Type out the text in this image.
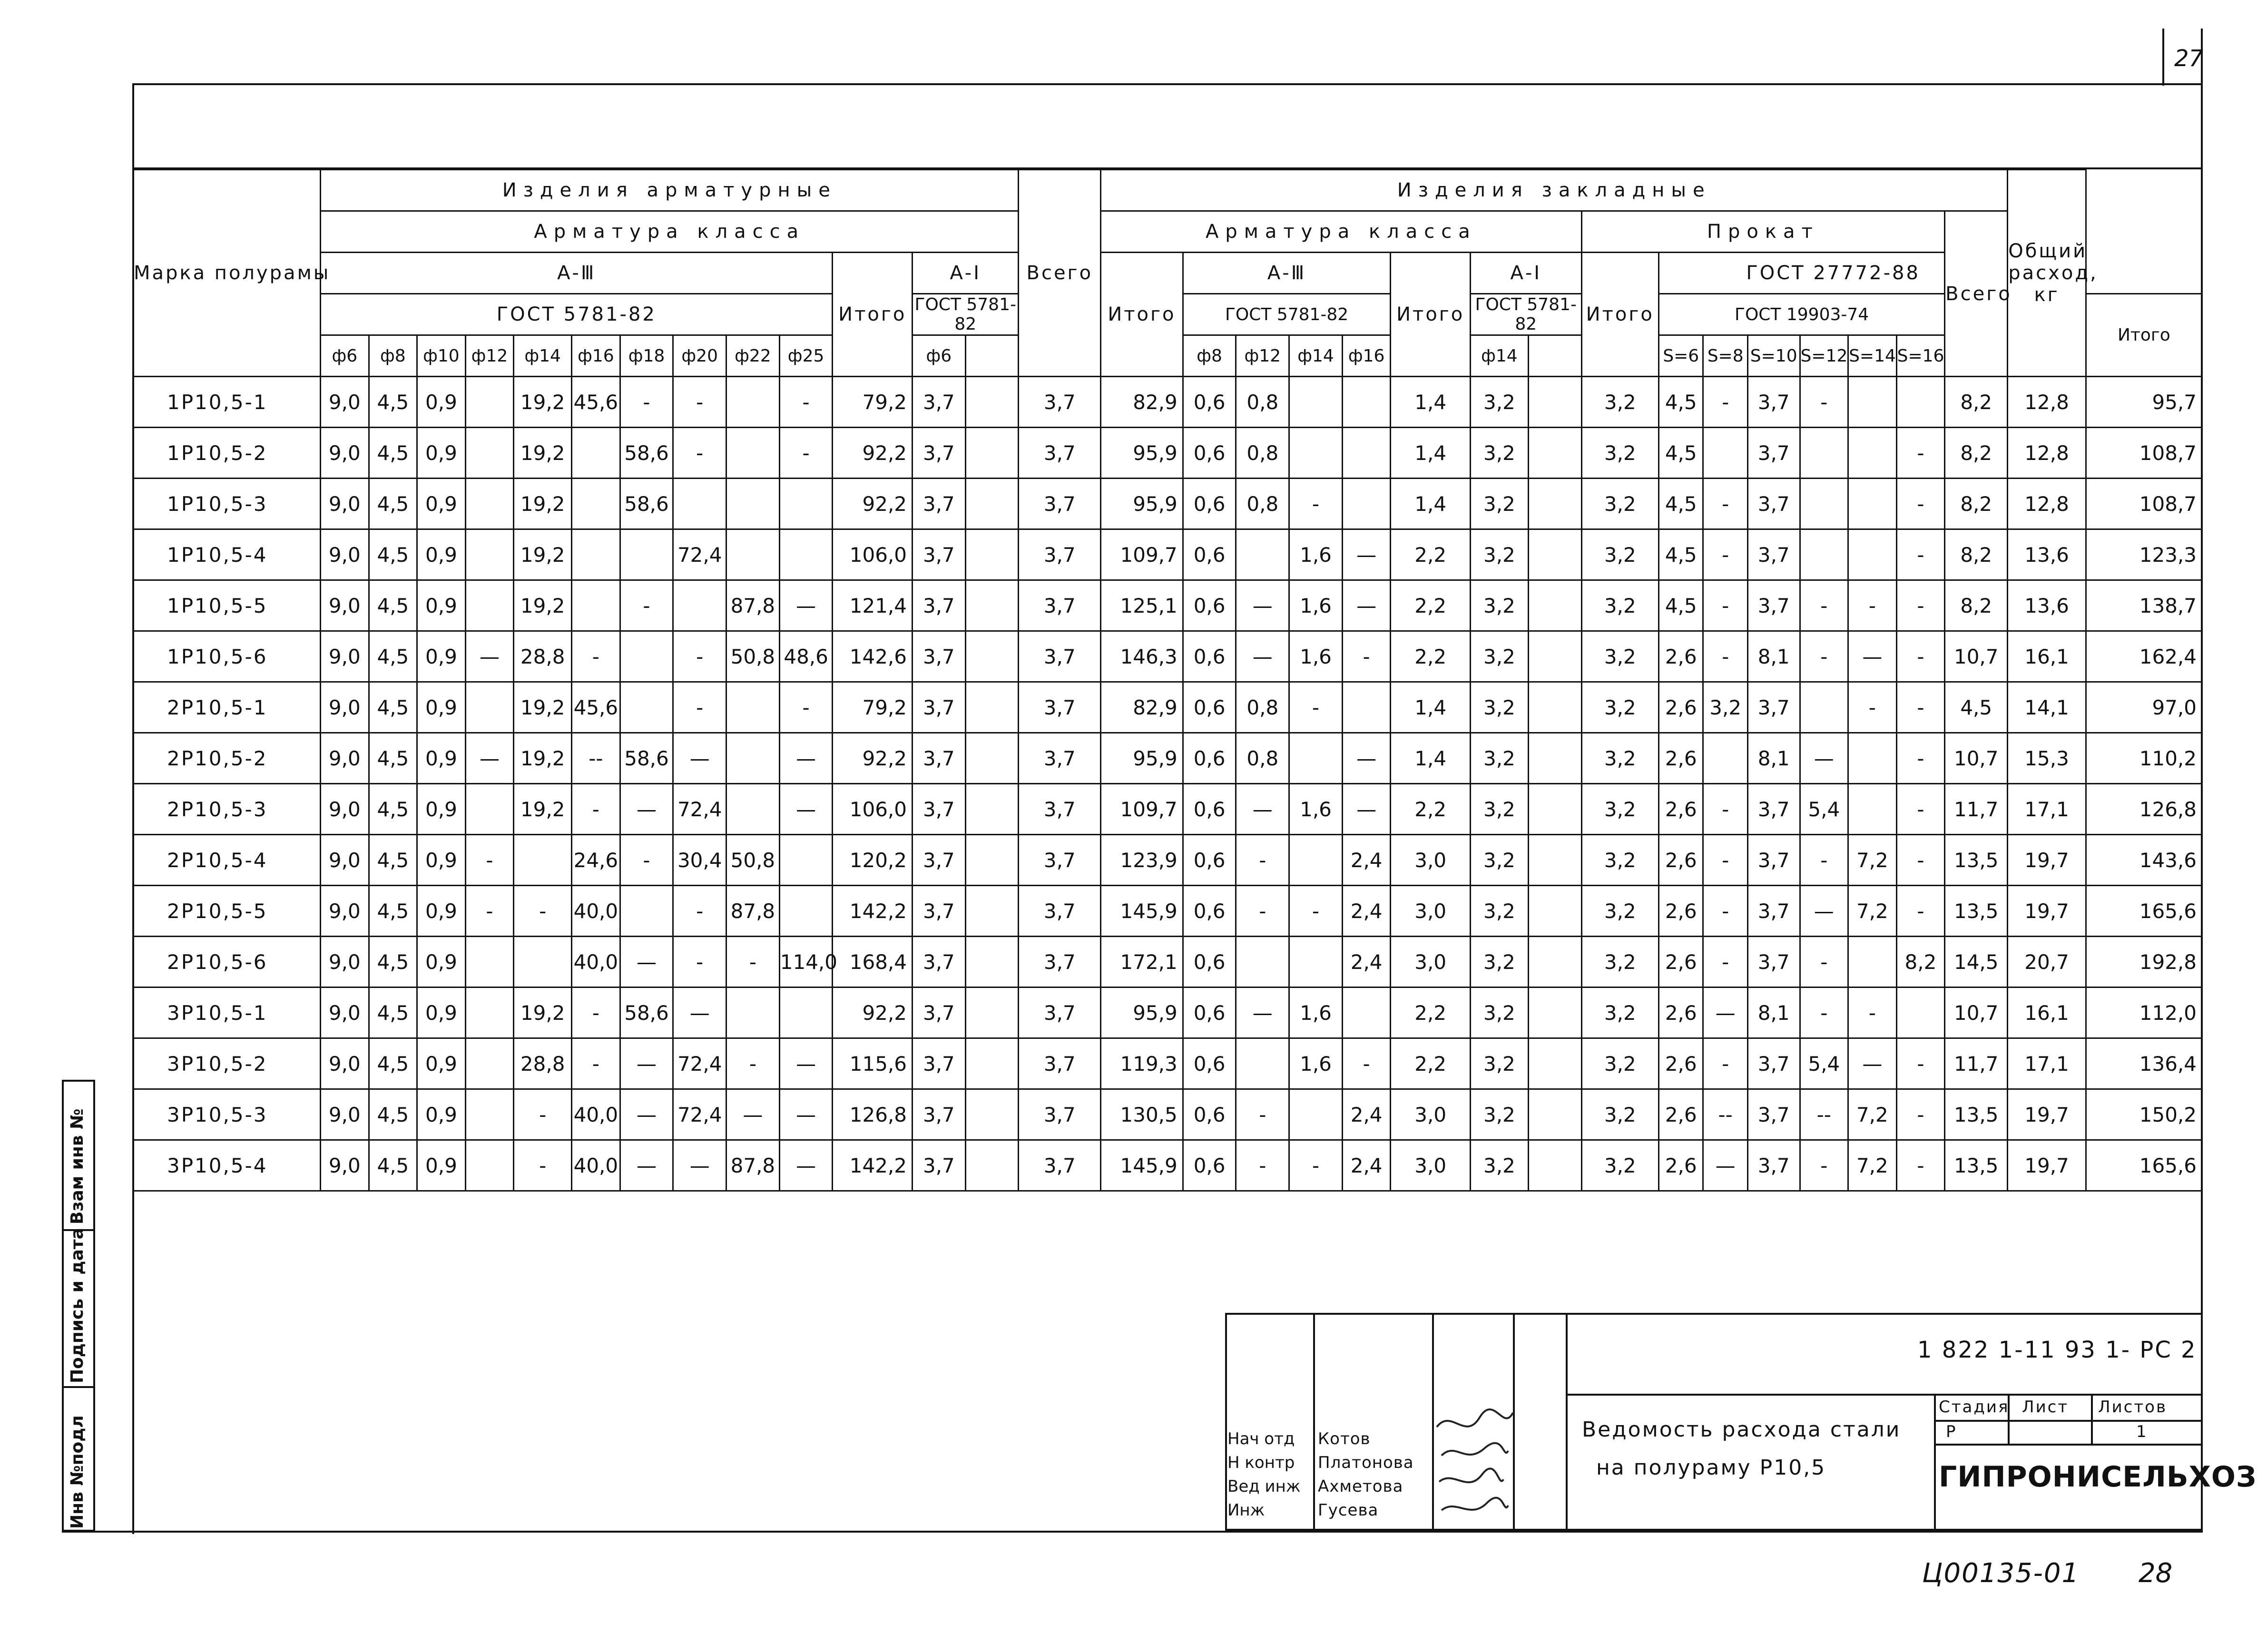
27
Марка полурамы	Изделия арматурные													Всего	Изделия закладные																Общий расход, кг	
	Арматура класса														Арматура класса								Прокат							Всего		
	А-Ⅲ										Итого	А-Ⅰ			Итого	А-Ⅲ				Итого	А-Ⅰ		Итого	ГОСТ 27772-88								
	ГОСТ 5781-82											ГОСТ 5781-82				ГОСТ 5781-82					ГОСТ 5781-82			ГОСТ 19903-74								Итого
	ф6	ф8	ф10	ф12	ф14	ф16	ф18	ф20	ф22	ф25		ф6				ф8	ф12	ф14	ф16		ф14			S=6	S=8	S=10	S=12	S=14	S=16			
1Р10,5-1	9,0	4,5	0,9		19,2	45,6	-	-		-	79,2	3,7		3,7	82,9	0,6	0,8			1,4	3,2		3,2	4,5	-	3,7	-			8,2	12,8	95,7
1Р10,5-2	9,0	4,5	0,9		19,2		58,6	-		-	92,2	3,7		3,7	95,9	0,6	0,8			1,4	3,2		3,2	4,5		3,7			-	8,2	12,8	108,7
1Р10,5-3	9,0	4,5	0,9		19,2		58,6				92,2	3,7		3,7	95,9	0,6	0,8	-		1,4	3,2		3,2	4,5	-	3,7			-	8,2	12,8	108,7
1Р10,5-4	9,0	4,5	0,9		19,2			72,4			106,0	3,7		3,7	109,7	0,6		1,6	—	2,2	3,2		3,2	4,5	-	3,7			-	8,2	13,6	123,3
1Р10,5-5	9,0	4,5	0,9		19,2		-		87,8	—	121,4	3,7		3,7	125,1	0,6	—	1,6	—	2,2	3,2		3,2	4,5	-	3,7	-	-	-	8,2	13,6	138,7
1Р10,5-6	9,0	4,5	0,9	—	28,8	-		-	50,8	48,6	142,6	3,7		3,7	146,3	0,6	—	1,6	-	2,2	3,2		3,2	2,6	-	8,1	-	—	-	10,7	16,1	162,4
2Р10,5-1	9,0	4,5	0,9		19,2	45,6		-		-	79,2	3,7		3,7	82,9	0,6	0,8	-		1,4	3,2		3,2	2,6	3,2	3,7		-	-	4,5	14,1	97,0
2Р10,5-2	9,0	4,5	0,9	—	19,2	--	58,6	—		—	92,2	3,7		3,7	95,9	0,6	0,8		—	1,4	3,2		3,2	2,6		8,1	—		-	10,7	15,3	110,2
2Р10,5-3	9,0	4,5	0,9		19,2	-	—	72,4		—	106,0	3,7		3,7	109,7	0,6	—	1,6	—	2,2	3,2		3,2	2,6	-	3,7	5,4		-	11,7	17,1	126,8
2Р10,5-4	9,0	4,5	0,9	-		24,6	-	30,4	50,8		120,2	3,7		3,7	123,9	0,6	-		2,4	3,0	3,2		3,2	2,6	-	3,7	-	7,2	-	13,5	19,7	143,6
2Р10,5-5	9,0	4,5	0,9	-	-	40,0		-	87,8		142,2	3,7		3,7	145,9	0,6	-	-	2,4	3,0	3,2		3,2	2,6	-	3,7	—	7,2	-	13,5	19,7	165,6
2Р10,5-6	9,0	4,5	0,9			40,0	—	-	-	114,0	168,4	3,7		3,7	172,1	0,6			2,4	3,0	3,2		3,2	2,6	-	3,7	-		8,2	14,5	20,7	192,8
3Р10,5-1	9,0	4,5	0,9		19,2	-	58,6	—			92,2	3,7		3,7	95,9	0,6	—	1,6		2,2	3,2		3,2	2,6	—	8,1	-	-		10,7	16,1	112,0
3Р10,5-2	9,0	4,5	0,9		28,8	-	—	72,4	-	—	115,6	3,7		3,7	119,3	0,6		1,6	-	2,2	3,2		3,2	2,6	-	3,7	5,4	—	-	11,7	17,1	136,4
3Р10,5-3	9,0	4,5	0,9		-	40,0	—	72,4	—	—	126,8	3,7		3,7	130,5	0,6	-		2,4	3,0	3,2		3,2	2,6	--	3,7	--	7,2	-	13,5	19,7	150,2
3Р10,5-4	9,0	4,5	0,9		-	40,0	—	—	87,8	—	142,2	3,7		3,7	145,9	0,6	-	-	2,4	3,0	3,2		3,2	2,6	—	3,7	-	7,2	-	13,5	19,7	165,6
Взам инв №
Подпись и дата
Инв №подл
1 822 1-11 93 1- РС 2
Ведомость расхода стали
на полураму Р10,5
Стадия Лист Листов
Р	1
ГИПРОНИСЕЛЬХОЗ
Нач отд
Н контр
Вед инж
Инж
Котов
Платонова
Ахметова
Гусева
Ц00135-01 28
